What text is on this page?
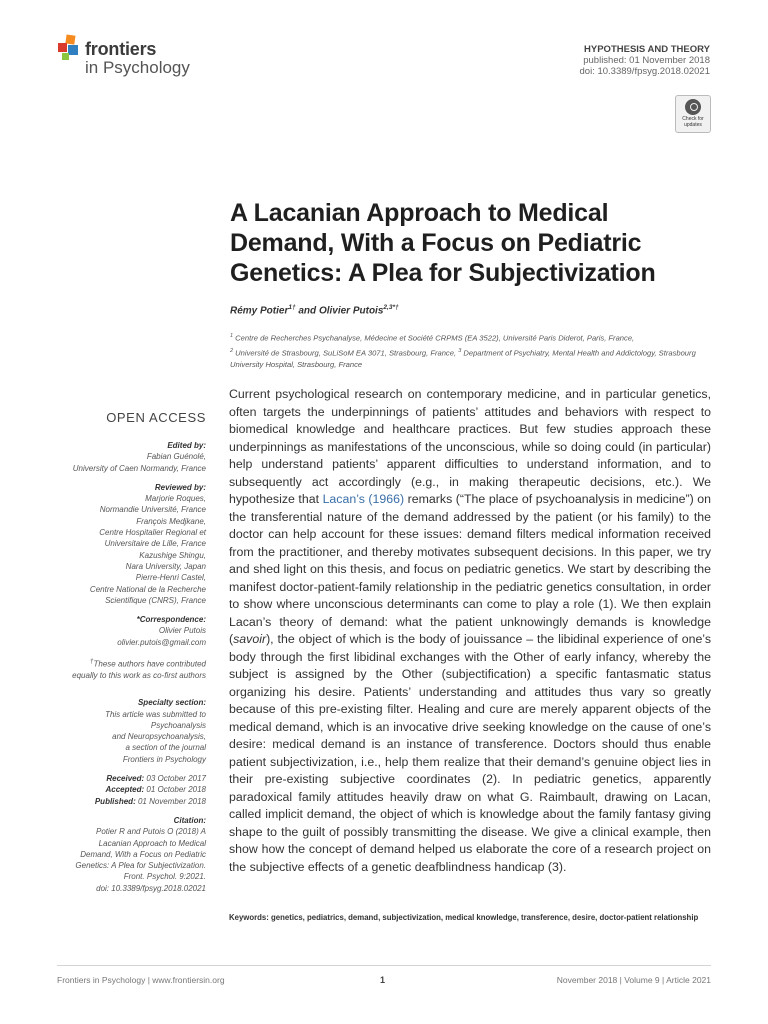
frontiers
in Psychology
HYPOTHESIS AND THEORY
published: 01 November 2018
doi: 10.3389/fpsyg.2018.02021
Check for updates
A Lacanian Approach to Medical Demand, With a Focus on Pediatric Genetics: A Plea for Subjectivization
Rémy Potier$^{1\dagger}$ and Olivier Putois$^{2,3*\dagger}$
$^1$ Centre de Recherches Psychanalyse, Médecine et Société CRPMS (EA 3522), Université Paris Diderot, Paris, France,
$^2$ Université de Strasbourg, SuLiSoM EA 3071, Strasbourg, France, $^3$ Department of Psychiatry, Mental Health and Addictology, Strasbourg University Hospital, Strasbourg, France
OPEN ACCESS
Edited by:
Fabian Guénolé,
University of Caen Normandy, France
Reviewed by:
Marjorie Roques,
Normandie Université, France
François Medjkane,
Centre Hospitalier Regional et
Universitaire de Lille, France
Kazushige Shingu,
Nara University, Japan
Pierre-Henri Castel,
Centre National de la Recherche
Scientifique (CNRS), France
*Correspondence:
Olivier Putois
olivier.putois@gmail.com
†These authors have contributed
equally to this work as co-first authors
Specialty section:
This article was submitted to
Psychoanalysis
and Neuropsychoanalysis,
a section of the journal
Frontiers in Psychology
Received: 03 October 2017
Accepted: 01 October 2018
Published: 01 November 2018
Citation:
Potier R and Putois O (2018) A
Lacanian Approach to Medical
Demand, With a Focus on Pediatric
Genetics: A Plea for Subjectivization.
Front. Psychol. 9:2021.
doi: 10.3389/fpsyg.2018.02021

Current psychological research on contemporary medicine, and in particular genetics, often targets the underpinnings of patients’ attitudes and behaviors with respect to biomedical knowledge and healthcare practices. But few studies approach these underpinnings as manifestations of the unconscious, while so doing could (in particular) help understand patients’ apparent difficulties to understand information, and to subsequently act accordingly (e.g., in making therapeutic decisions, etc.). We hypothesize that Lacan’s (1966) remarks (“The place of psychoanalysis in medicine”) on the transferential nature of the demand addressed by the patient (or his family) to the doctor can help account for these issues: demand filters medical information received from the practitioner, and thereby motivates subsequent decisions. In this paper, we try and shed light on this thesis, and focus on pediatric genetics. We start by describing the manifest doctor-patient-family relationship in the pediatric genetics consultation, in order to show where unconscious determinants can come to play a role (1). We then explain Lacan’s theory of demand: what the patient unknowingly demands is knowledge (savoir), the object of which is the body of jouissance – the libidinal experience of one’s body through the first libidinal exchanges with the Other of early infancy, whereby the subject is assigned by the Other (subjectification) a specific fantasmatic status organizing his desire. Patients’ understanding and attitudes thus vary so greatly because of this pre-existing filter. Healing and cure are merely apparent objects of the medical demand, which is an invocative drive seeking knowledge on the cause of one’s desire: medical demand is an instance of transference. Doctors should thus enable patient subjectivization, i.e., help them realize that their demand’s genuine object lies in their pre-existing subjective coordinates (2). In pediatric genetics, apparently paradoxical family attitudes heavily draw on what G. Raimbault, drawing on Lacan, called implicit demand, the object of which is knowledge about the family fantasy giving shape to the guilt of possibly transmitting the disease. We give a clinical example, then show how the concept of demand helped us elaborate the core of a research project on the subjective effects of a genetic deafblindness handicap (3).

Keywords: genetics, pediatrics, demand, subjectivization, medical knowledge, transference, desire, doctor-patient relationship
Frontiers in Psychology | www.frontiersin.org	1	November 2018 | Volume 9 | Article 2021
